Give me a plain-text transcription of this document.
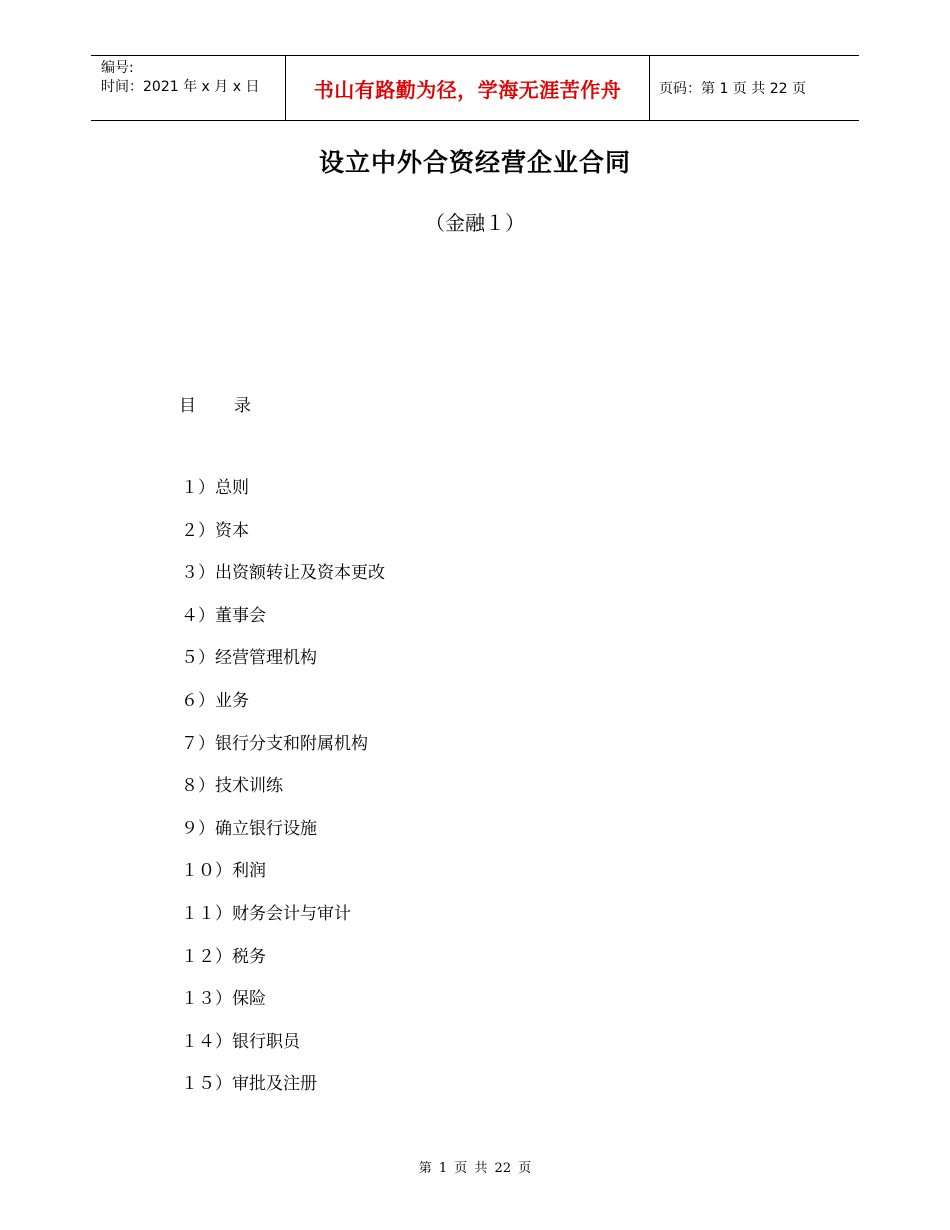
编号:
时间：2021 年 x 月 x 日	书山有路勤为径，学海无涯苦作舟	页码：第 1 页 共 22 页
设立中外合资经营企业合同
（金融１）
目 录
１）总则
２）资本
３）出资额转让及资本更改
４）董事会
５）经营管理机构
６）业务
７）银行分支和附属机构
８）技术训练
９）确立银行设施
１０）利润
１１）财务会计与审计
１２）税务
１３）保险
１４）银行职员
１５）审批及注册
第 1 页 共 22 页
